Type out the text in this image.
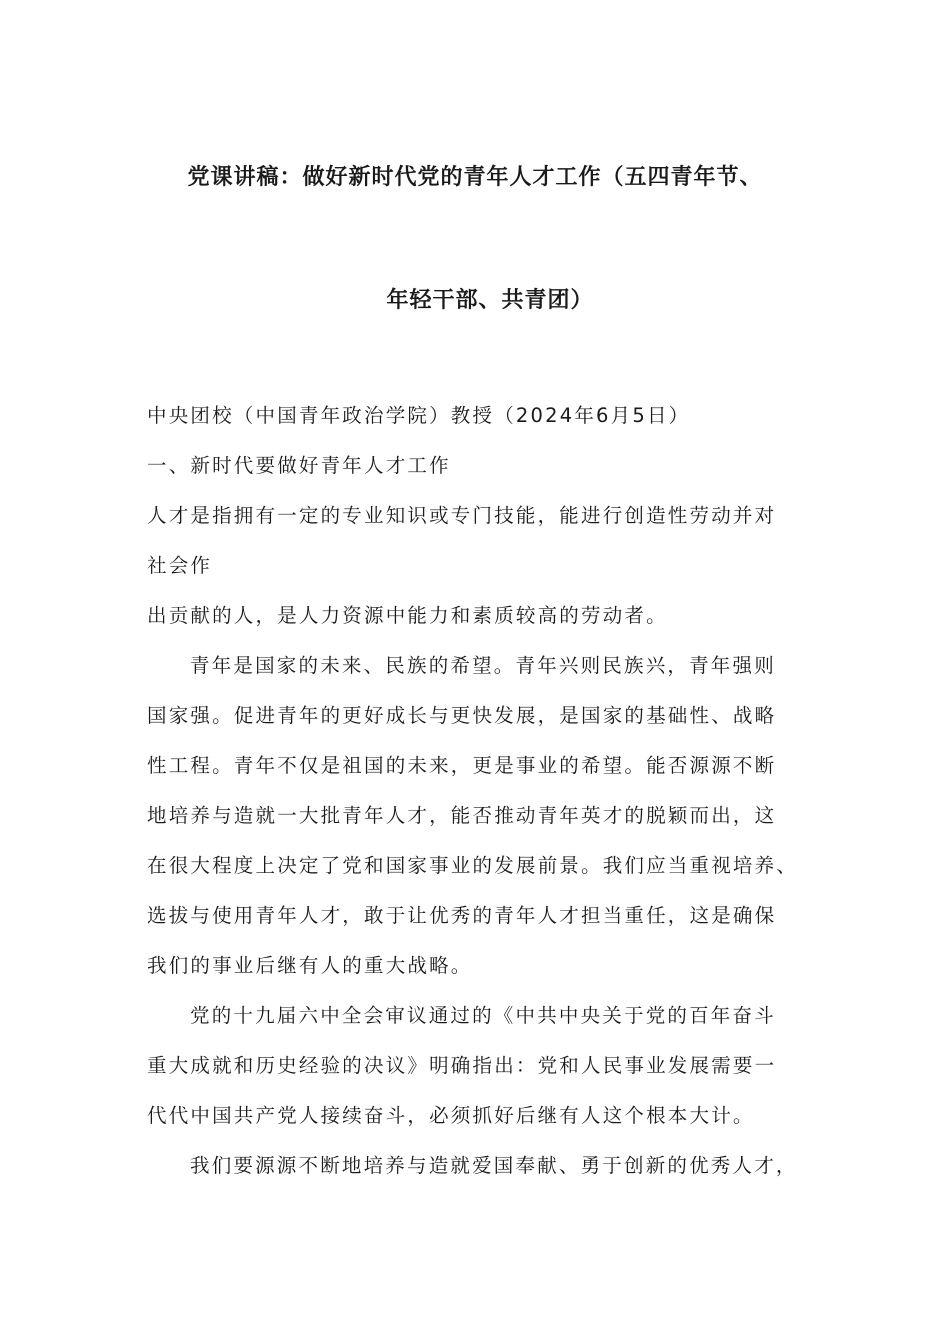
党课讲稿：做好新时代党的青年人才工作（五四青年节、
年轻干部、共青团）
中央团校（中国青年政治学院）教授（2024年6月5日）
一、新时代要做好青年人才工作
人才是指拥有一定的专业知识或专门技能，能进行创造性劳动并对
社会作
出贡献的人，是人力资源中能力和素质较高的劳动者。
青年是国家的未来、民族的希望。青年兴则民族兴，青年强则
国家强。促进青年的更好成长与更快发展，是国家的基础性、战略
性工程。青年不仅是祖国的未来，更是事业的希望。能否源源不断
地培养与造就一大批青年人才，能否推动青年英才的脱颖而出，这
在很大程度上决定了党和国家事业的发展前景。我们应当重视培养、
选拔与使用青年人才，敢于让优秀的青年人才担当重任，这是确保
我们的事业后继有人的重大战略。
党的十九届六中全会审议通过的《中共中央关于党的百年奋斗
重大成就和历史经验的决议》明确指出：党和人民事业发展需要一
代代中国共产党人接续奋斗，必须抓好后继有人这个根本大计。
我们要源源不断地培养与造就爱国奉献、勇于创新的优秀人才，
